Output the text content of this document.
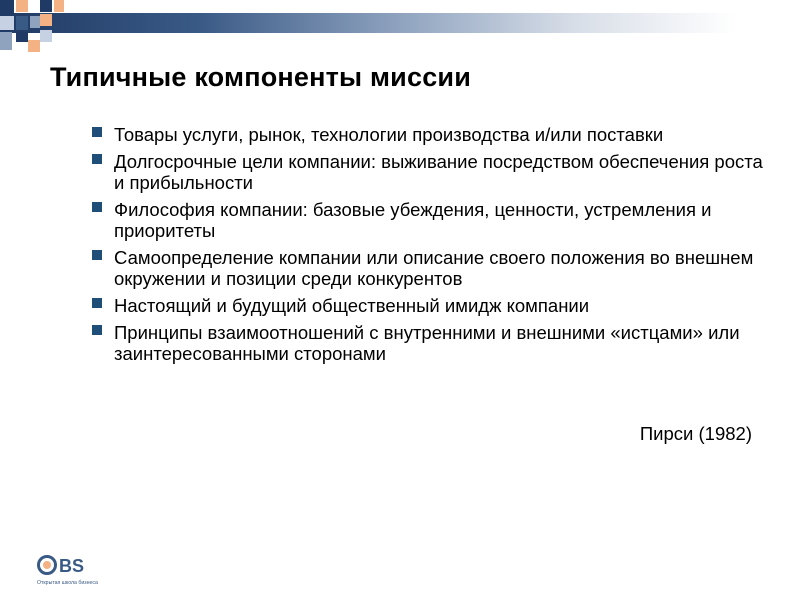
Типичные компоненты миссии
Товары услуги, рынок, технологии производства и/или поставки
Долгосрочные цели компании: выживание посредством обеспечения роста и прибыльности
Философия компании: базовые убеждения, ценности, устремления и приоритеты
Самоопределение компании или описание своего положения во внешнем окружении и позиции среди конкурентов
Настоящий и будущий общественный имидж компании
Принципы взаимоотношений с внутренними и внешними «истцами» или заинтересованными сторонами
Пирси (1982)
BS
Открытая школа бизнеса
